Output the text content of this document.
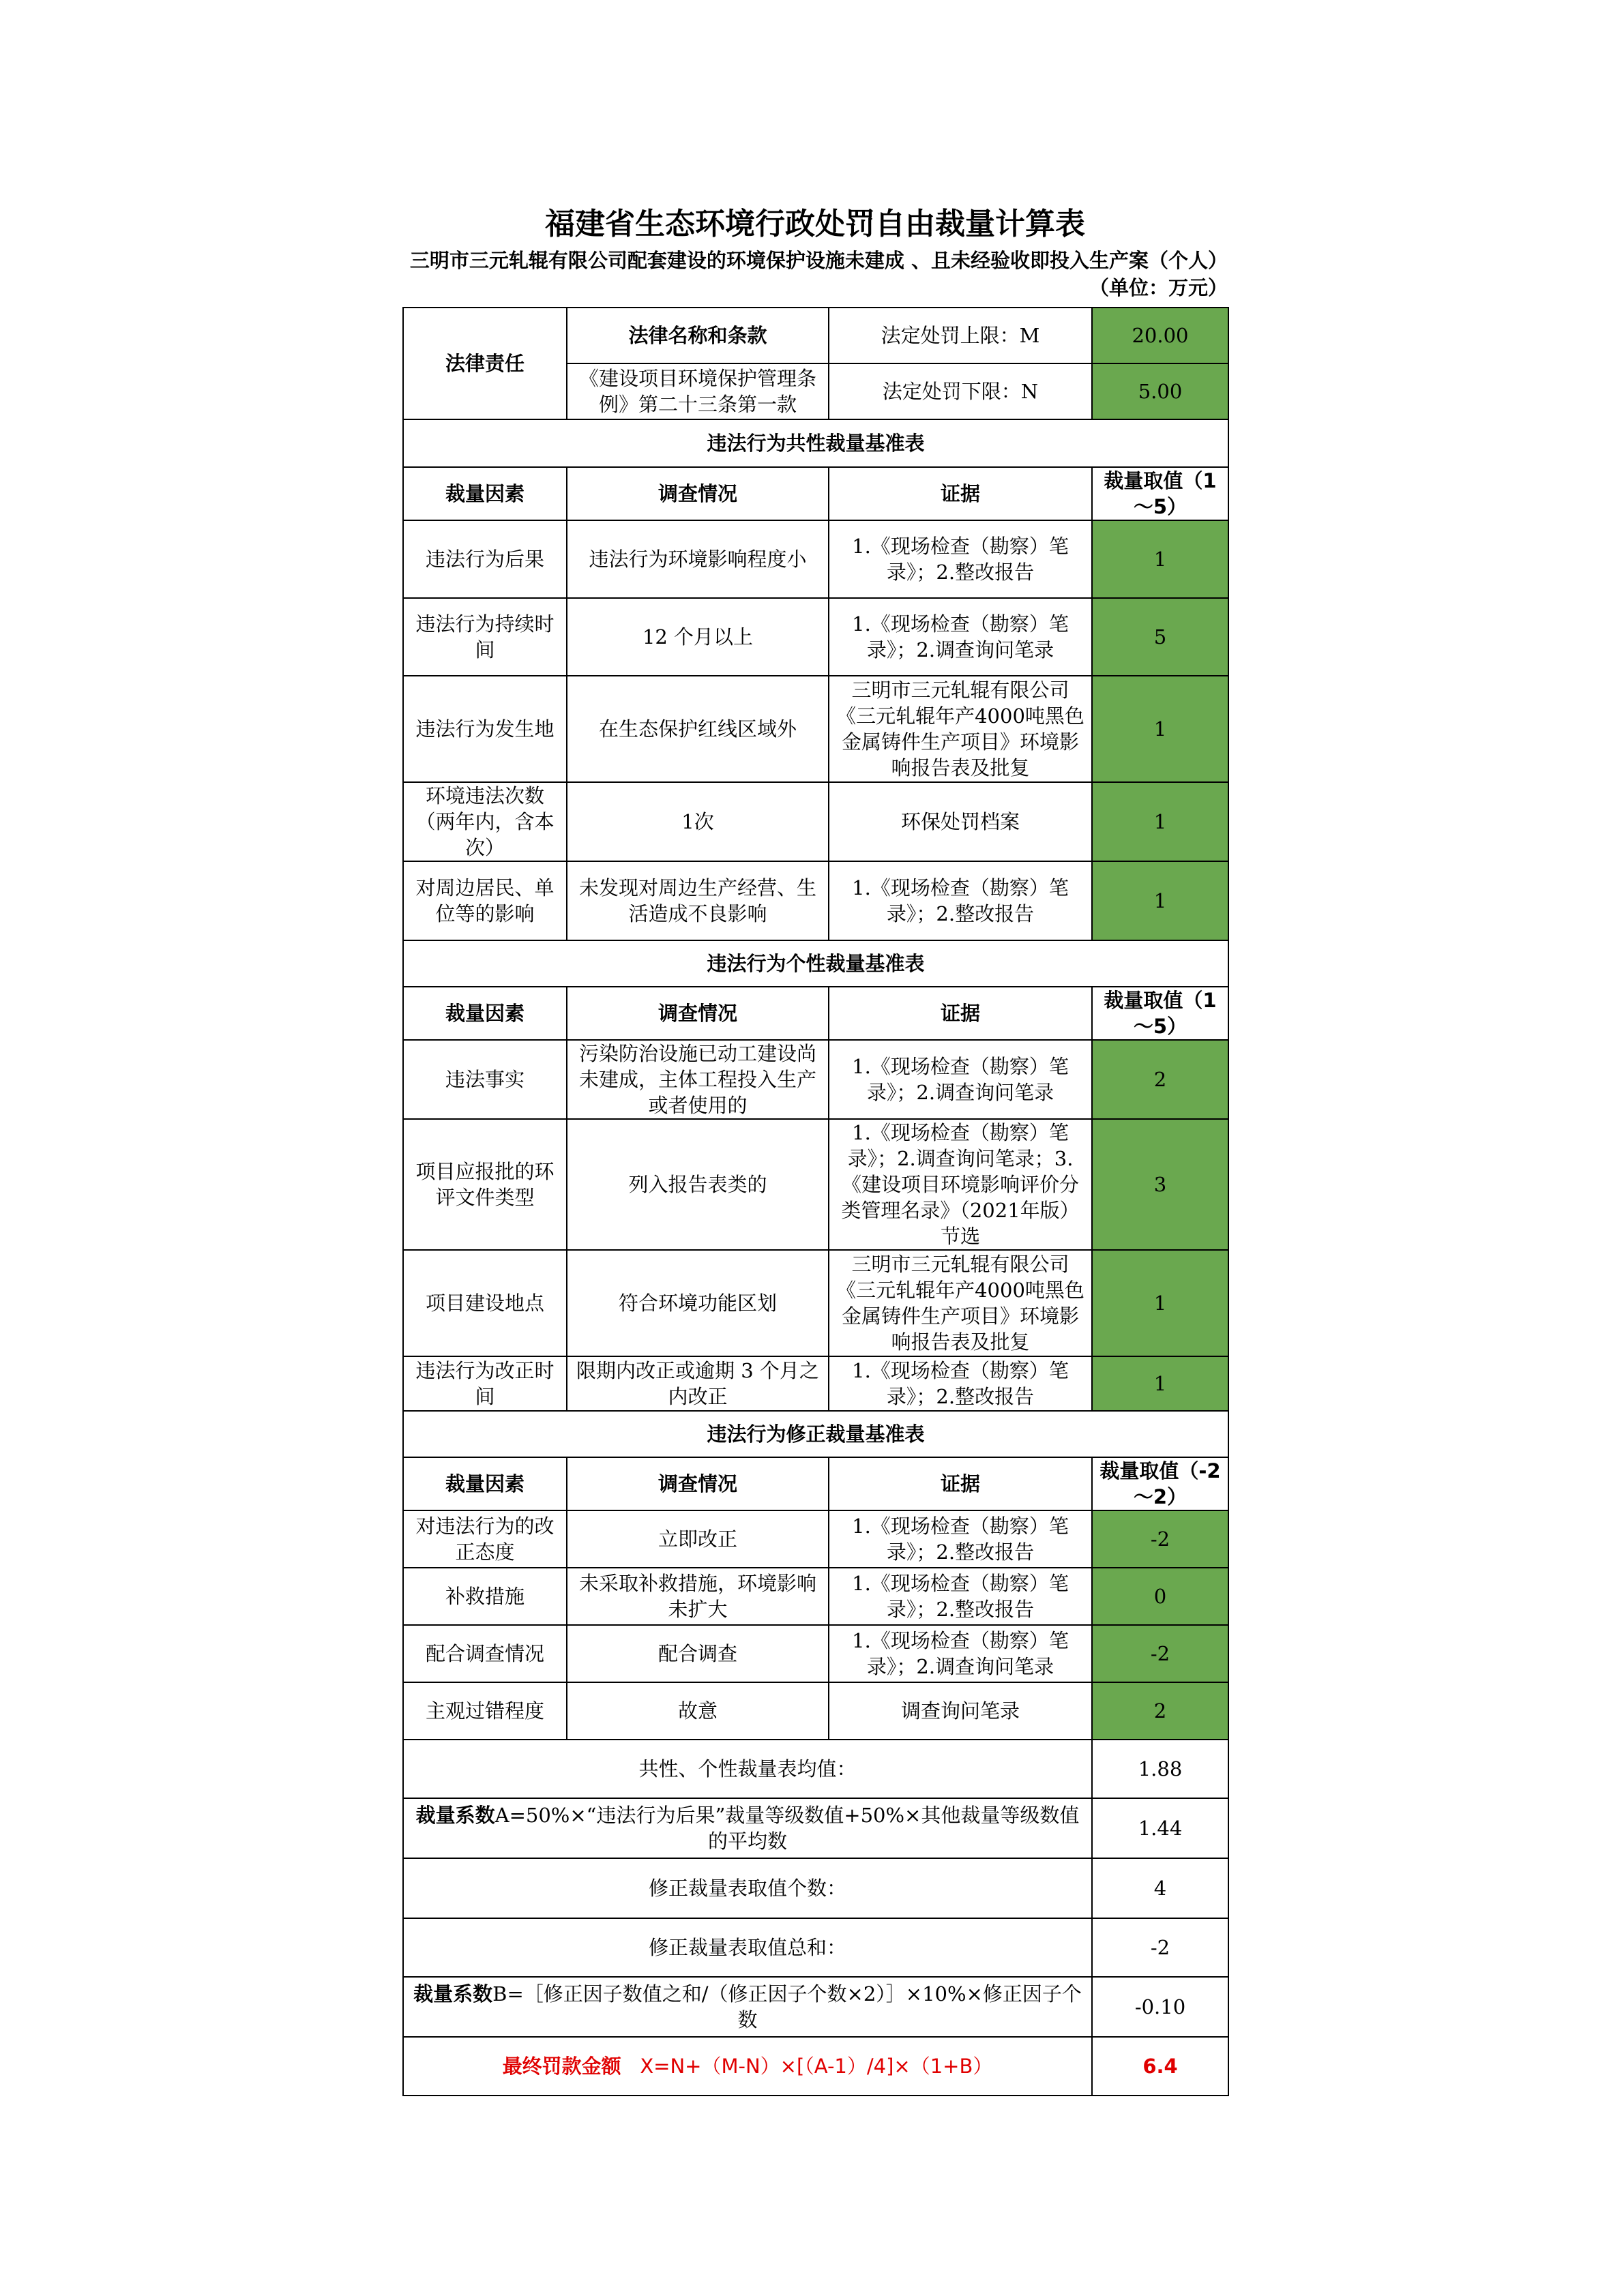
福建省生态环境行政处罚自由裁量计算表
三明市三元轧辊有限公司配套建设的环境保护设施未建成 、且未经验收即投入生产案（个人）（单位：万元）
法律责任	法律名称和条款	法定处罚上限：M	20.00
	《建设项目环境保护管理条例》第二十三条第一款	法定处罚下限：N	5.00
违法行为共性裁量基准表			
裁量因素	调查情况	证据	裁量取值（1～5）
违法行为后果	违法行为环境影响程度小	1.《现场检查（勘察）笔录》；2.整改报告	1
违法行为持续时间	12 个月以上	1.《现场检查（勘察）笔录》；2.调查询问笔录	5
违法行为发生地	在生态保护红线区域外	三明市三元轧辊有限公司《三元轧辊年产4000吨黑色金属铸件生产项目》环境影响报告表及批复	1
环境违法次数（两年内，含本次）	1次	环保处罚档案	1
对周边居民、单位等的影响	未发现对周边生产经营、生活造成不良影响	1.《现场检查（勘察）笔录》；2.整改报告	1
违法行为个性裁量基准表			
裁量因素	调查情况	证据	裁量取值（1～5）
违法事实	污染防治设施已动工建设尚未建成，主体工程投入生产或者使用的	1.《现场检查（勘察）笔录》；2.调查询问笔录	2
项目应报批的环评文件类型	列入报告表类的	1.《现场检查（勘察）笔录》；2.调查询问笔录；3.《建设项目环境影响评价分类管理名录》（2021年版）节选	3
项目建设地点	符合环境功能区划	三明市三元轧辊有限公司《三元轧辊年产4000吨黑色金属铸件生产项目》环境影响报告表及批复	1
违法行为改正时间	限期内改正或逾期 3 个月之内改正	1.《现场检查（勘察）笔录》；2.整改报告	1
违法行为修正裁量基准表			
裁量因素	调查情况	证据	裁量取值（-2～2）
对违法行为的改正态度	立即改正	1.《现场检查（勘察）笔录》；2.整改报告	-2
补救措施	未采取补救措施，环境影响未扩大	1.《现场检查（勘察）笔录》；2.整改报告	0
配合调查情况	配合调查	1.《现场检查（勘察）笔录》；2.调查询问笔录	-2
主观过错程度	故意	调查询问笔录	2
共性、个性裁量表均值：			1.88
裁量系数A=50%×“违法行为后果”裁量等级数值+50%×其他裁量等级数值的平均数			1.44
修正裁量表取值个数：			4
修正裁量表取值总和：			-2
裁量系数B=［修正因子数值之和/（修正因子个数×2）］×10%×修正因子个数			-0.10
最终罚款金额 X=N+（M-N）×[（A-1）/4]×（1+B）			6.4
